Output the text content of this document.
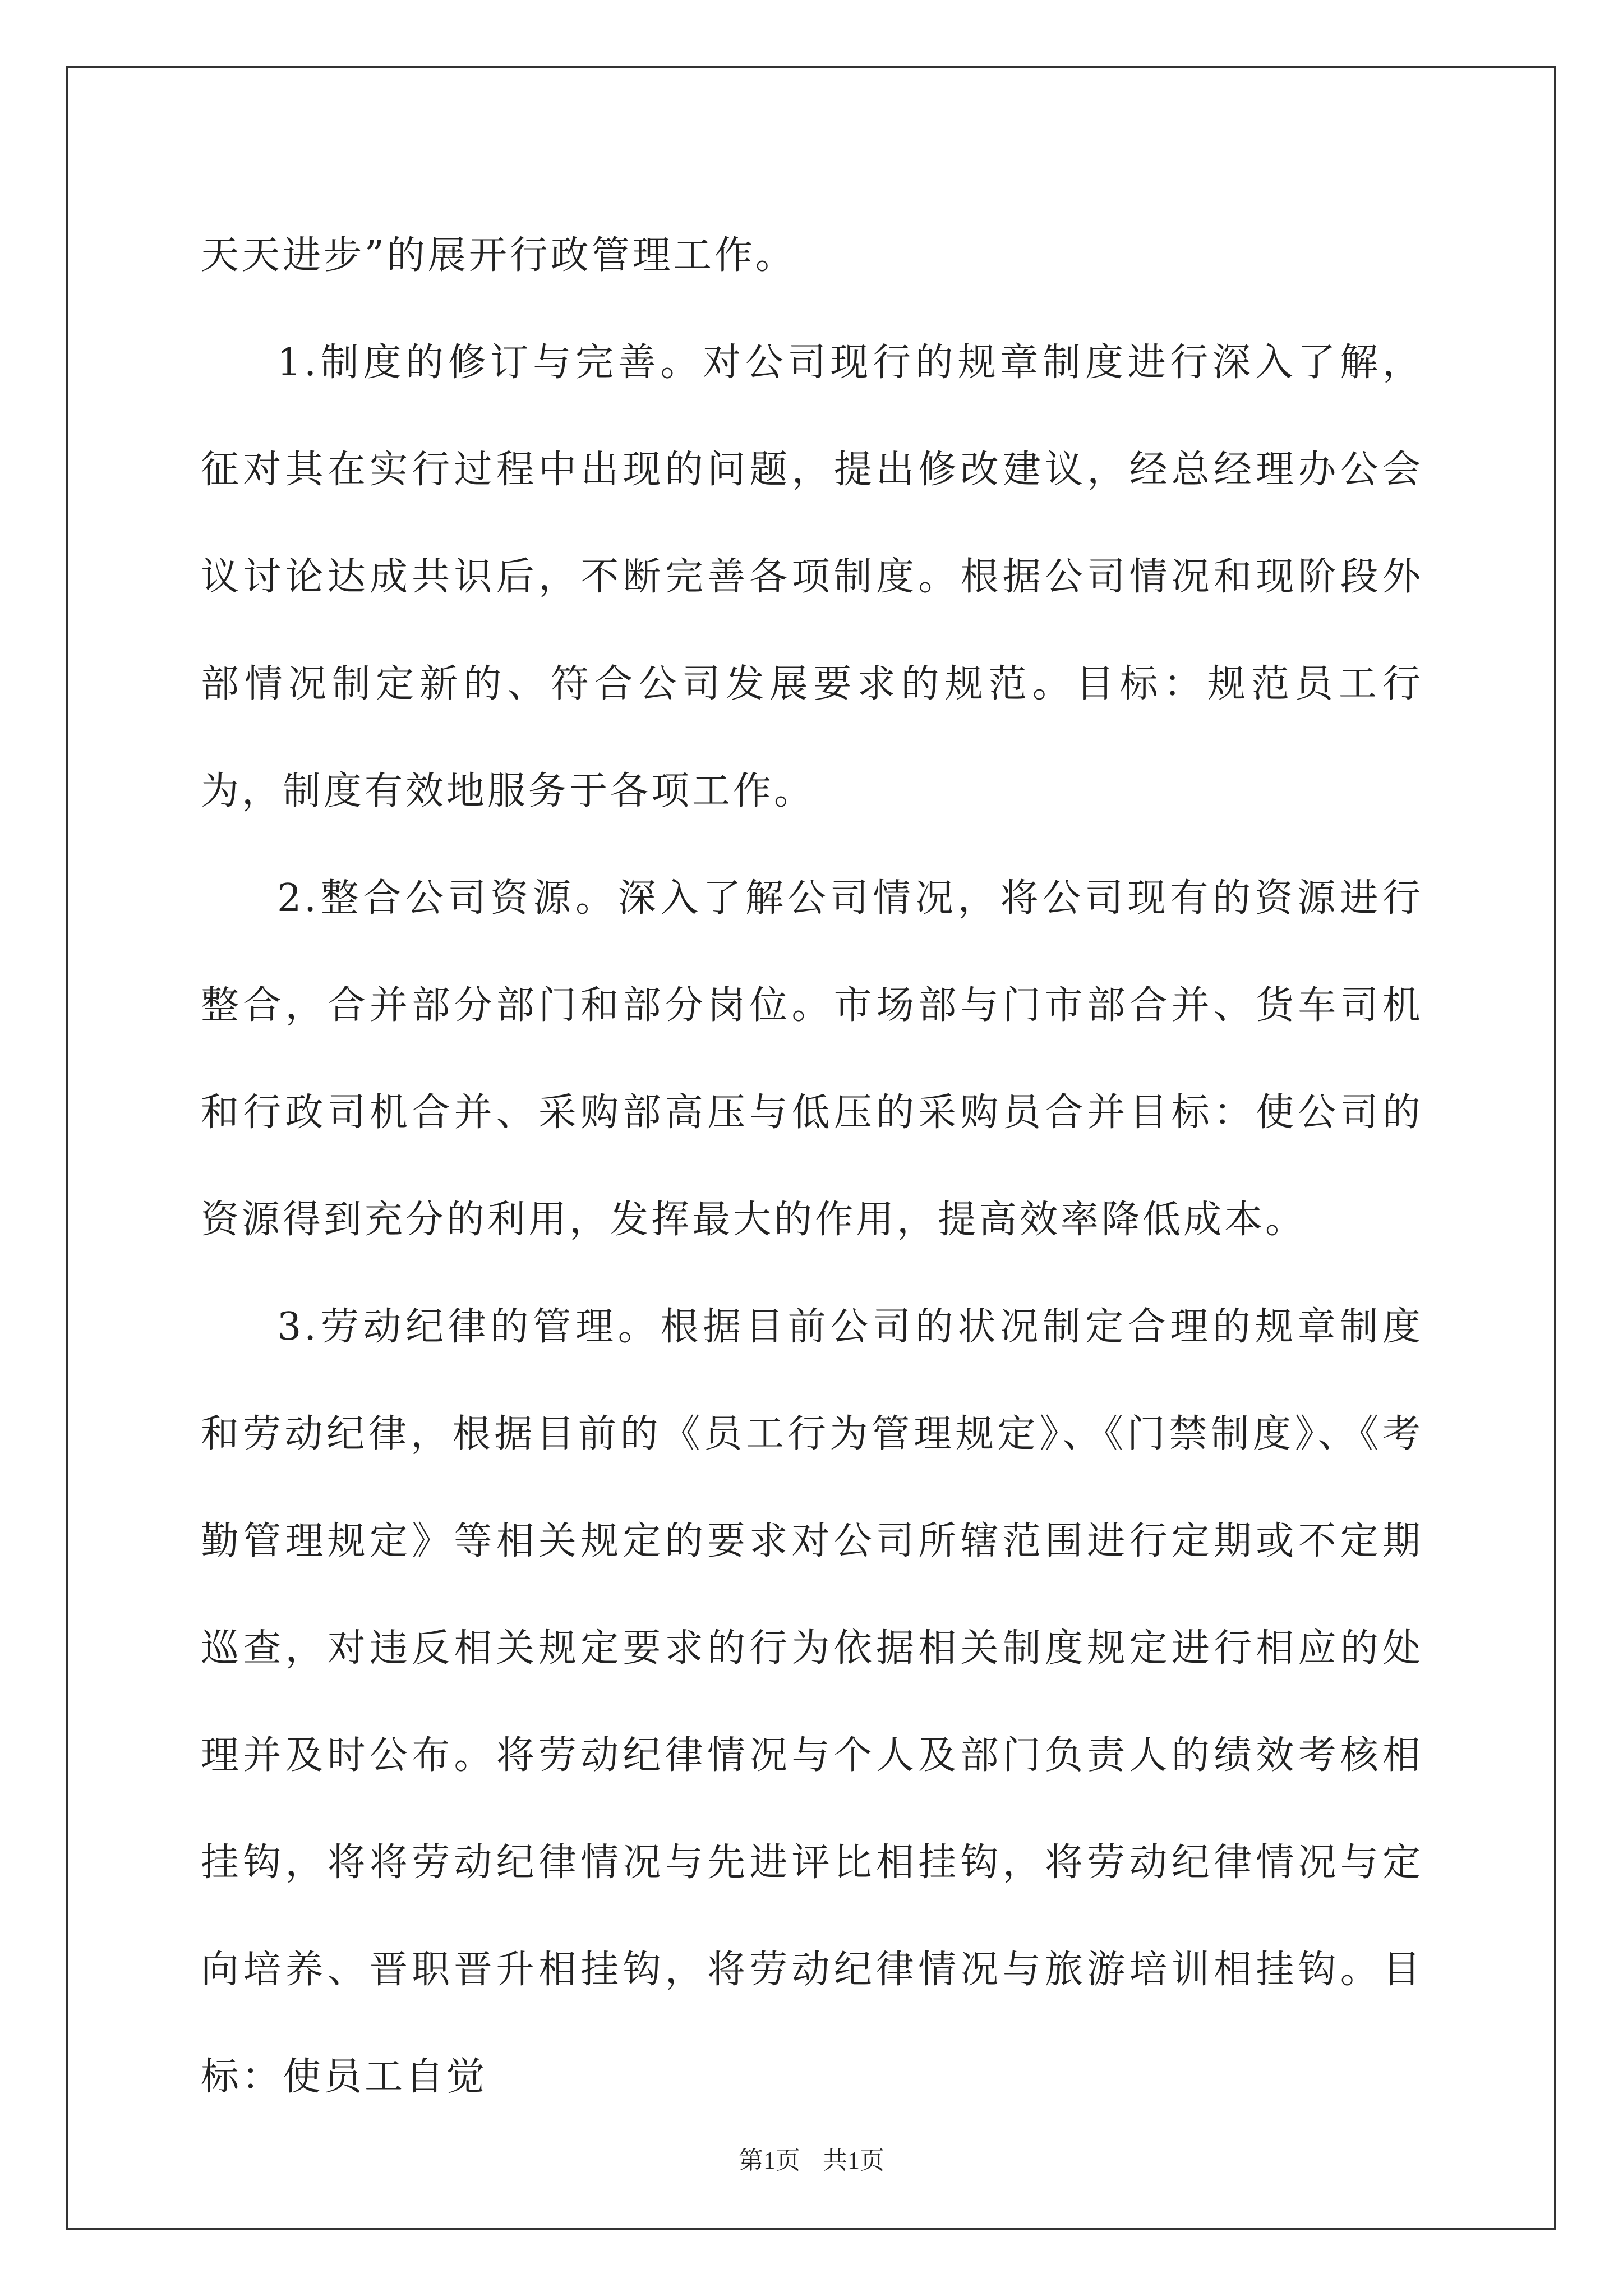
天天进步”的展开行政管理工作。

1.制度的修订与完善。对公司现行的规章制度进行深入了解，征对其在实行过程中出现的问题，提出修改建议，经总经理办公会议讨论达成共识后，不断完善各项制度。根据公司情况和现阶段外部情况制定新的、符合公司发展要求的规范。目标：规范员工行为，制度有效地服务于各项工作。

2.整合公司资源。深入了解公司情况，将公司现有的资源进行整合，合并部分部门和部分岗位。市场部与门市部合并、货车司机和行政司机合并、采购部高压与低压的采购员合并目标：使公司的资源得到充分的利用，发挥最大的作用，提高效率降低成本。

3.劳动纪律的管理。根据目前公司的状况制定合理的规章制度和劳动纪律，根据目前的《员工行为管理规定》、《门禁制度》、《考勤管理规定》等相关规定的要求对公司所辖范围进行定期或不定期巡查，对违反相关规定要求的行为依据相关制度规定进行相应的处理并及时公布。将劳动纪律情况与个人及部门负责人的绩效考核相挂钩，将将劳动纪律情况与先进评比相挂钩，将劳动纪律情况与定向培养、晋职晋升相挂钩，将劳动纪律情况与旅游培训相挂钩。目标：使员工自觉

第1页 共1页
